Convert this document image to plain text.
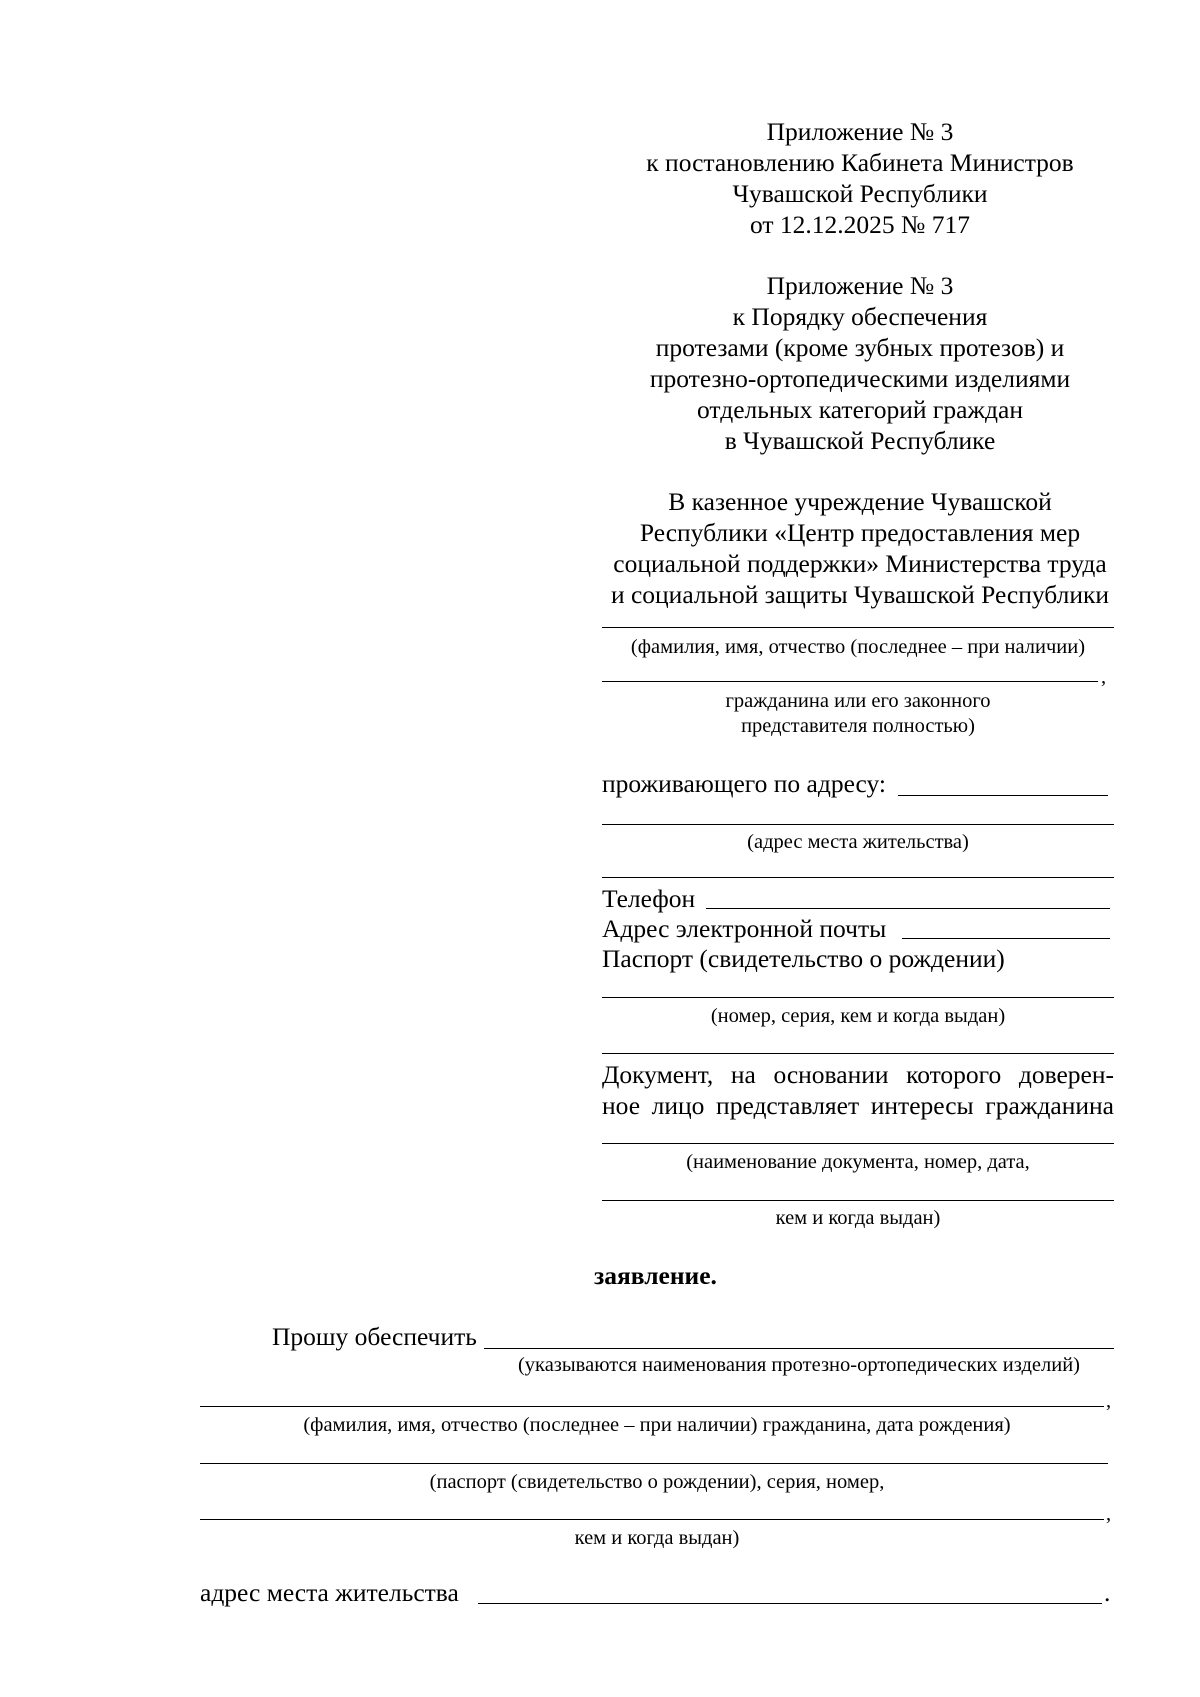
Приложение № 3
к постановлению Кабинета Министров
Чувашской Республики
от 12.12.2025 № 717
Приложение № 3
к Порядку обеспечения
протезами (кроме зубных протезов) и
протезно-ортопедическими изделиями
отдельных категорий граждан
в Чувашской Республике
В казенное учреждение Чувашской
Республики «Центр предоставления мер
социальной поддержки» Министерства труда
и социальной защиты Чувашской Республики
(фамилия, имя, отчество (последнее – при наличии)
,
гражданина или его законного
представителя полностью)
проживающего по адресу:
(адрес места жительства)
Телефон
Адрес электронной почты
Паспорт (свидетельство о рождении)
(номер, серия, кем и когда выдан)
Документ, на основании которого доверен-
ное лицо представляет интересы гражданина
(наименование документа, номер, дата,
кем и когда выдан)
заявление.
Прошу обеспечить
(указываются наименования протезно-ортопедических изделий)
,
(фамилия, имя, отчество (последнее – при наличии) гражданина, дата рождения)
(паспорт (свидетельство о рождении), серия, номер,
,
кем и когда выдан)
адрес места жительства	.
